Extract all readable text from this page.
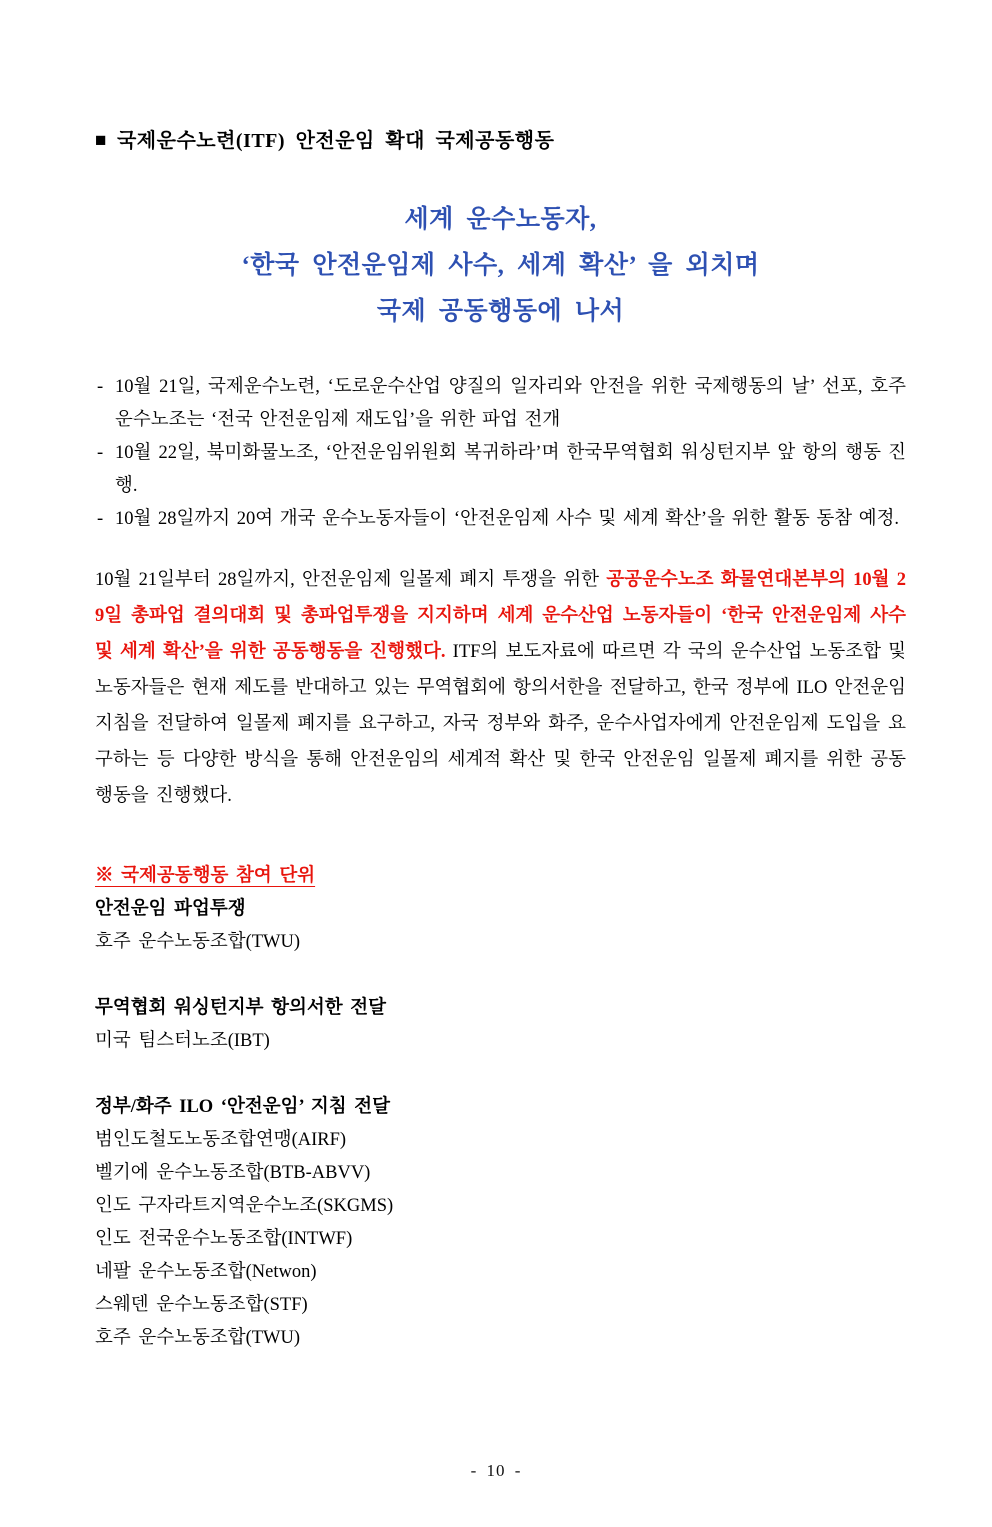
■ 국제운수노련(ITF) 안전운임 확대 국제공동행동
세계 운수노동자,
‘한국 안전운임제 사수, 세계 확산’ 을 외치며
국제 공동행동에 나서
- 10월 21일, 국제운수노련, ‘도로운수산업 양질의 일자리와 안전을 위한 국제행동의 날’ 선포, 호주운수노조는 ‘전국 안전운임제 재도입’을 위한 파업 전개
- 10월 22일, 북미화물노조, ‘안전운임위원회 복귀하라’며 한국무역협회 워싱턴지부 앞 항의 행동 진행.
- 10월 28일까지 20여 개국 운수노동자들이 ‘안전운임제 사수 및 세계 확산’을 위한 활동 동참 예정.

10월 21일부터 28일까지, 안전운임제 일몰제 폐지 투쟁을 위한 공공운수노조 화물연대본부의 10월 29일 총파업 결의대회 및 총파업투쟁을 지지하며 세계 운수산업 노동자들이 ‘한국 안전운임제 사수 및 세계 확산’을 위한 공동행동을 진행했다. ITF의 보도자료에 따르면 각 국의 운수산업 노동조합 및 노동자들은 현재 제도를 반대하고 있는 무역협회에 항의서한을 전달하고, 한국 정부에 ILO 안전운임 지침을 전달하여 일몰제 폐지를 요구하고, 자국 정부와 화주, 운수사업자에게 안전운임제 도입을 요구하는 등 다양한 방식을 통해 안전운임의 세계적 확산 및 한국 안전운임 일몰제 폐지를 위한 공동행동을 진행했다.

※ 국제공동행동 참여 단위
안전운임 파업투쟁
호주 운수노동조합(TWU)
무역협회 워싱턴지부 항의서한 전달
미국 팀스터노조(IBT)
정부/화주 ILO ‘안전운임’ 지침 전달
범인도철도노동조합연맹(AIRF)
벨기에 운수노동조합(BTB-ABVV)
인도 구자라트지역운수노조(SKGMS)
인도 전국운수노동조합(INTWF)
네팔 운수노동조합(Netwon)
스웨덴 운수노동조합(STF)
호주 운수노동조합(TWU)
- 10 -
